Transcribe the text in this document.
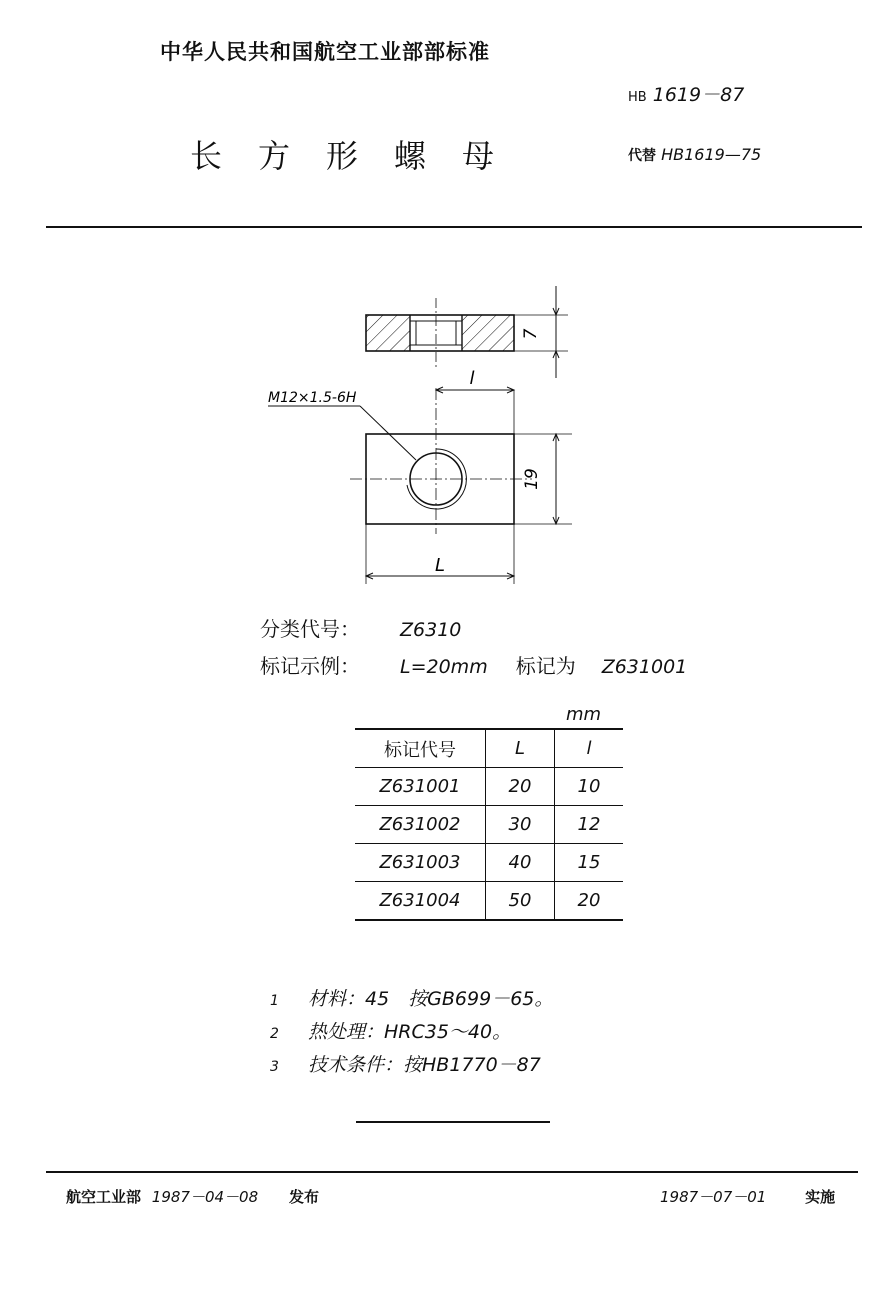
中华人民共和国航空工业部部标准
HB 1619－87
长方形螺母	代替 HB1619—75
7
M12×1.5-6H
l
19
L
分类代号： Z6310
标记示例： L=20mm 标记为 Z631001
mm
标记代号	L	l
Z631001	20	10
Z631002	30	12
Z631003	40	15
Z631004	50	20
1 材料：45　按GB699－65。
2 热处理：HRC35～40。
3 技术条件：按HB1770－87
航空工业部 1987－04－08 发布	1987－07－01	实施
